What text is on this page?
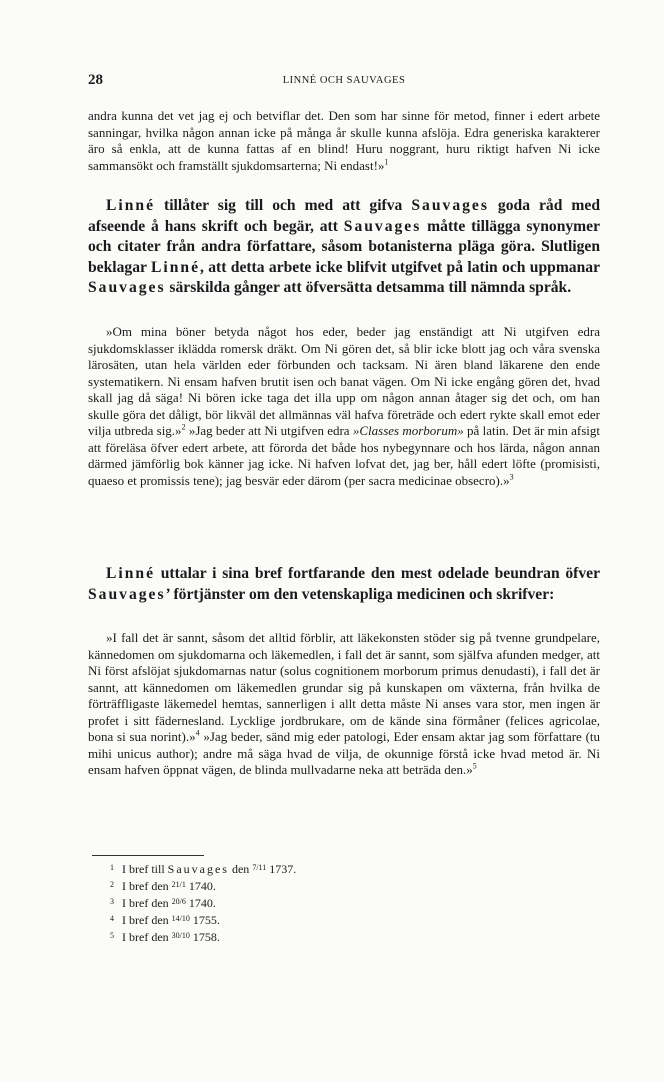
28	LINNÉ OCH SAUVAGES
andra kunna det vet jag ej och betviflar det. Den som har sinne för metod, finner i edert arbete sanningar, hvilka någon annan icke på många år skulle kunna afslöja. Edra generiska karakterer äro så enkla, att de kunna fattas af en blind! Huru noggrant, huru riktigt hafven Ni icke sammansökt och framställt sjukdomsarterna; Ni endast!»$^1$
Linné tillåter sig till och med att gifva Sauvages goda råd med afseende å hans skrift och begär, att Sauvages måtte tillägga synonymer och citater från andra författare, såsom botanisterna pläga göra. Slutligen beklagar Linné, att detta arbete icke blifvit utgifvet på latin och uppmanar Sauvages särskilda gånger att öfversätta detsamma till nämnda språk.
»Om mina böner betyda något hos eder, beder jag enständigt att Ni utgifven edra sjukdomsklasser iklädda romersk dräkt. Om Ni gören det, så blir icke blott jag och våra svenska lärosäten, utan hela världen eder förbunden och tacksam. Ni ären bland läkarene den ende systematikern. Ni ensam hafven brutit isen och banat vägen. Om Ni icke engång gören det, hvad skall jag då säga! Ni bören icke taga det illa upp om någon annan åtager sig det och, om han skulle göra det dåligt, bör likväl det allmännas väl hafva företräde och edert rykte skall emot eder vilja utbreda sig.»$^2$ »Jag beder att Ni utgifven edra »Classes morborum» på latin. Det är min afsigt att föreläsa öfver edert arbete, att förorda det både hos nybegynnare och hos lärda, någon annan därmed jämförlig bok känner jag icke. Ni hafven lofvat det, jag ber, håll edert löfte (promisisti, quaeso et promissis tene); jag besvär eder därom (per sacra medicinae obsecro).»$^3$
Linné uttalar i sina bref fortfarande den mest odelade beundran öfver Sauvages’ förtjänster om den vetenskapliga medicinen och skrifver:
»I fall det är sannt, såsom det alltid förblir, att läkekonsten stöder sig på tvenne grundpelare, kännedomen om sjukdomarna och läkemedlen, i fall det är sannt, som själfva afunden medger, att Ni först afslöjat sjukdomarnas natur (solus cognitionem morborum primus denudasti), i fall det är sannt, att kännedomen om läkemedlen grundar sig på kunskapen om växterna, från hvilka de förträffligaste läkemedel hemtas, sannerligen i allt detta måste Ni anses vara stor, men ingen är profet i sitt fädernesland. Lycklige jordbrukare, om de kände sina förmåner (felices agricolae, bona si sua norint).»$^4$ »Jag beder, sänd mig eder patologi, Eder ensam aktar jag som författare (tu mihi unicus author); andre må säga hvad de vilja, de okunnige förstå icke hvad metod är. Ni ensam hafven öppnat vägen, de blinda mullvadarne neka att beträda den.»$^5$
1 I bref till Sauvages den $^{7/11}$ 1737.
2 I bref den $^{21/1}$ 1740.
3 I bref den $^{20/6}$ 1740.
4 I bref den $^{14/10}$ 1755.
5 I bref den $^{30/10}$ 1758.
